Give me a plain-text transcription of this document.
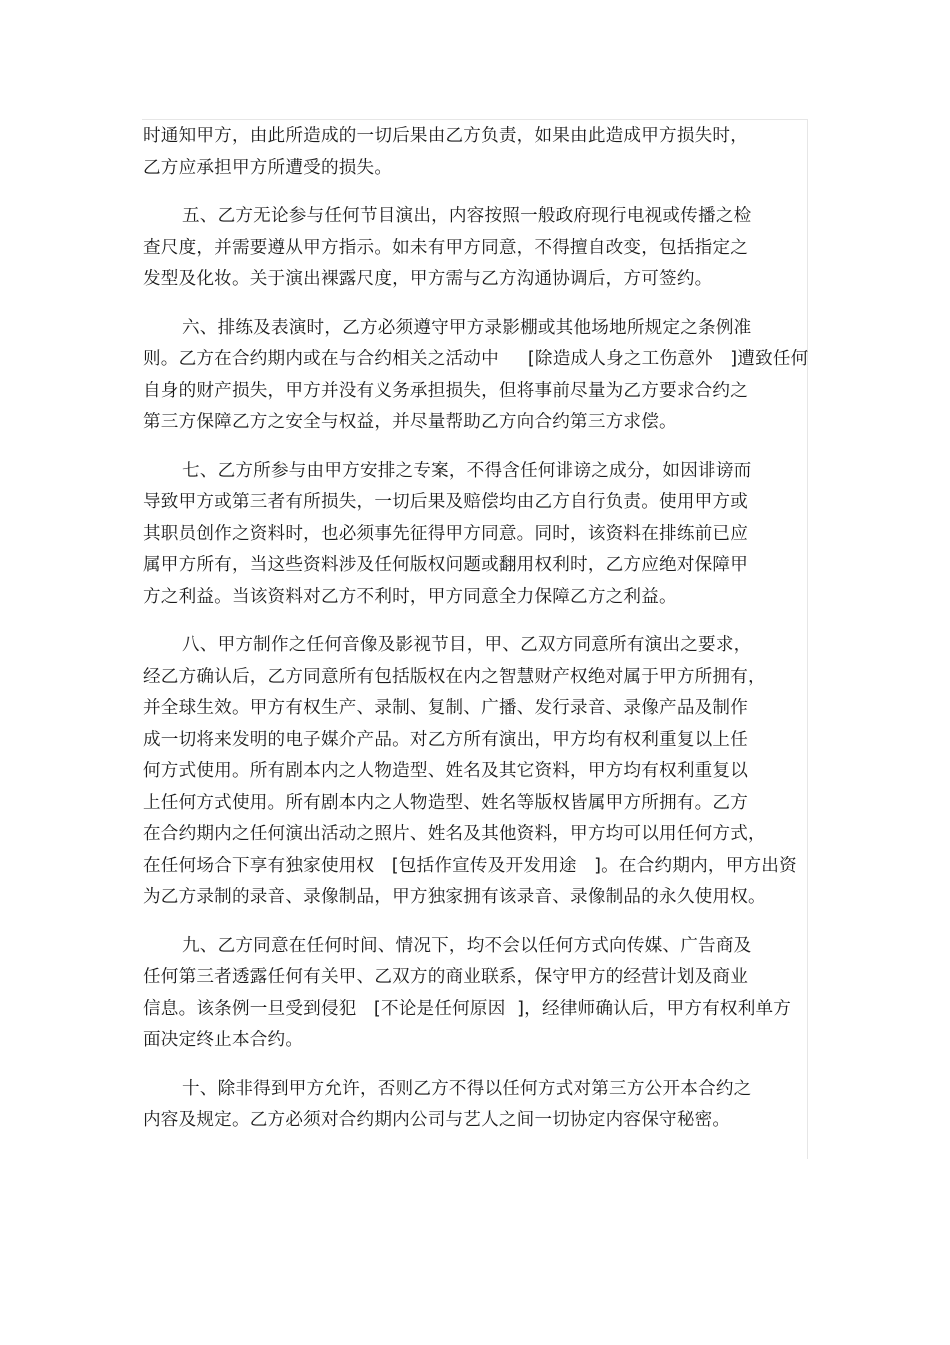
时通知甲方，由此所造成的一切后果由乙方负责，如果由此造成甲方损失时，
乙方应承担甲方所遭受的损失。
五、乙方无论参与任何节目演出，内容按照一般政府现行电视或传播之检
查尺度，并需要遵从甲方指示。如未有甲方同意，不得擅自改变，包括指定之
发型及化妆。关于演出裸露尺度，甲方需与乙方沟通协调后，方可签约。
六、排练及表演时，乙方必须遵守甲方录影棚或其他场地所规定之条例准
则。乙方在合约期内或在与合约相关之活动中     [除造成人身之工伤意外   ]遭致任何
自身的财产损失，甲方并没有义务承担损失，但将事前尽量为乙方要求合约之
第三方保障乙方之安全与权益，并尽量帮助乙方向合约第三方求偿。
七、乙方所参与由甲方安排之专案，不得含任何诽谤之成分，如因诽谤而
导致甲方或第三者有所损失，一切后果及赔偿均由乙方自行负责。使用甲方或
其职员创作之资料时，也必须事先征得甲方同意。同时，该资料在排练前已应
属甲方所有，当这些资料涉及任何版权问题或翻用权利时，乙方应绝对保障甲
方之利益。当该资料对乙方不利时，甲方同意全力保障乙方之利益。
八、甲方制作之任何音像及影视节目，甲、乙双方同意所有演出之要求，
经乙方确认后，乙方同意所有包括版权在内之智慧财产权绝对属于甲方所拥有，
并全球生效。甲方有权生产、录制、复制、广播、发行录音、录像产品及制作
成一切将来发明的电子媒介产品。对乙方所有演出，甲方均有权利重复以上任
何方式使用。所有剧本内之人物造型、姓名及其它资料，甲方均有权利重复以
上任何方式使用。所有剧本内之人物造型、姓名等版权皆属甲方所拥有。乙方
在合约期内之任何演出活动之照片、姓名及其他资料，甲方均可以用任何方式，
在任何场合下享有独家使用权   [包括作宣传及开发用途   ]。在合约期内，甲方出资
为乙方录制的录音、录像制品，甲方独家拥有该录音、录像制品的永久使用权。
九、乙方同意在任何时间、情况下，均不会以任何方式向传媒、广告商及
任何第三者透露任何有关甲、乙双方的商业联系，保守甲方的经营计划及商业
信息。该条例一旦受到侵犯   [不论是任何原因  ]，经律师确认后，甲方有权利单方
面决定终止本合约。
十、除非得到甲方允许，否则乙方不得以任何方式对第三方公开本合约之
内容及规定。乙方必须对合约期内公司与艺人之间一切协定内容保守秘密。
